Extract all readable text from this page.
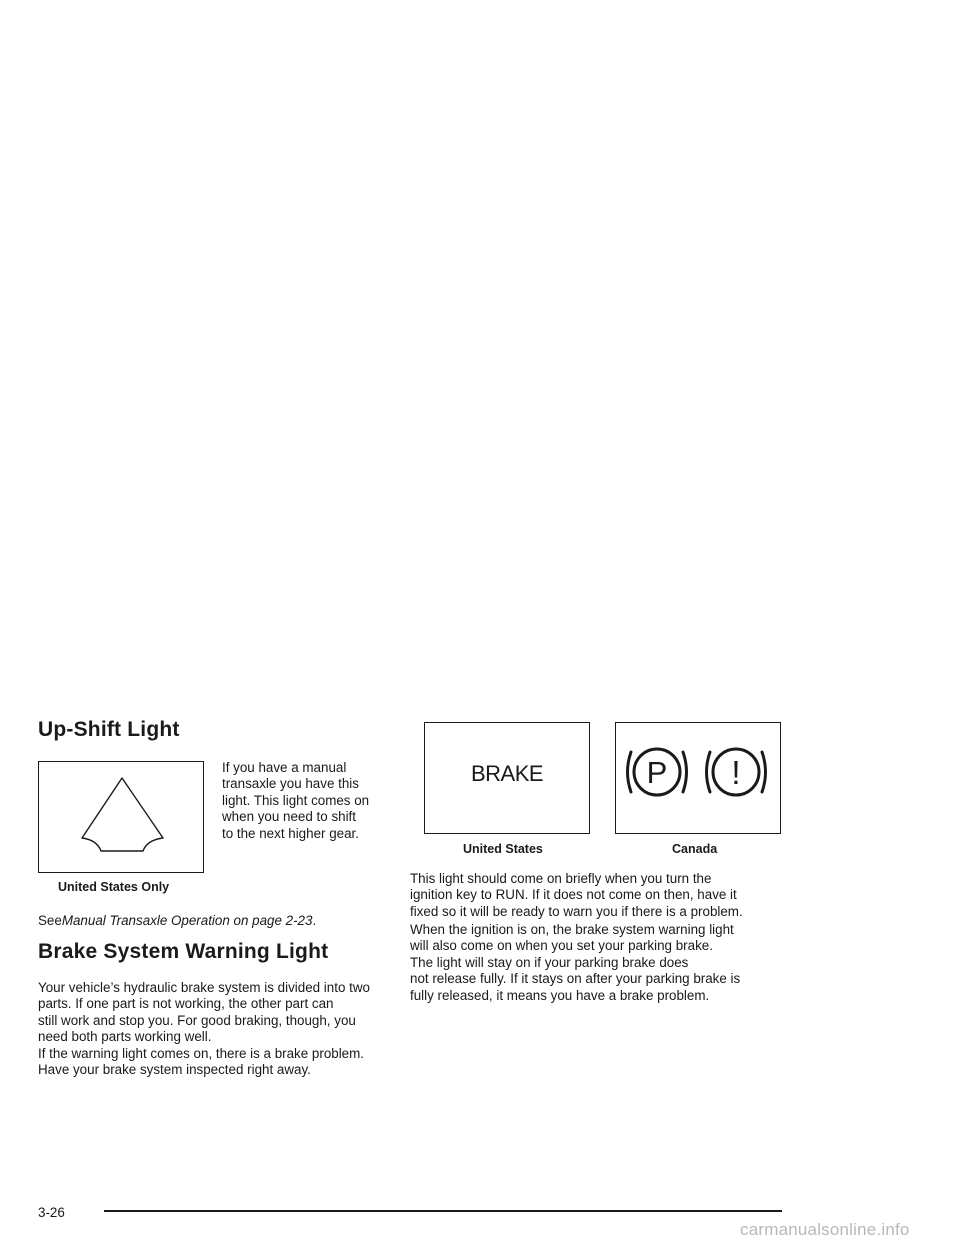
Up-Shift Light
United States Only

If you have a manual

transaxle you have this

light. This light comes on

when you need to shift

to the next higher gear.

SeeManual Transaxle Operation on page 2-23.

Brake System Warning Light

Your vehicle’s hydraulic brake system is divided into two

parts. If one part is not working, the other part can

still work and stop you. For good braking, though, you

need both parts working well.

If the warning light comes on, there is a brake problem.

Have your brake system inspected right away.

BRAKE
United States
P !
Canada

This light should come on briefly when you turn the

ignition key to RUN. If it does not come on then, have it

fixed so it will be ready to warn you if there is a problem.

When the ignition is on, the brake system warning light

will also come on when you set your parking brake.

The light will stay on if your parking brake does

not release fully. If it stays on after your parking brake is

fully released, it means you have a brake problem.

3-26
carmanualsonline.info
